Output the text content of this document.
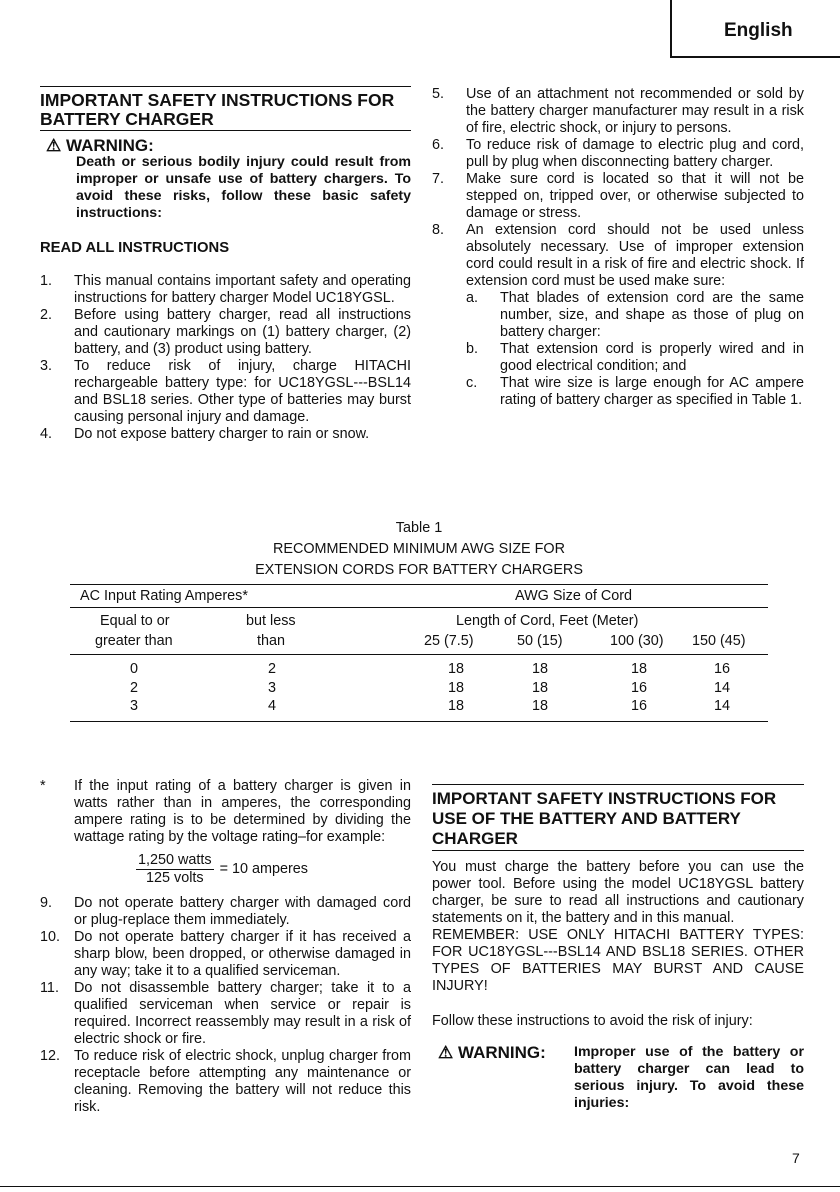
English
IMPORTANT SAFETY INSTRUCTIONS FOR BATTERY CHARGER
⚠ WARNING:
Death or serious bodily injury could result from improper or unsafe use of battery chargers. To avoid these risks, follow these basic safety instructions:
READ ALL INSTRUCTIONS
1.	This manual contains important safety and operating instructions for battery charger Model UC18YGSL.
2.	Before using battery charger, read all instructions and cautionary markings on (1) battery charger, (2) battery, and (3) product using battery.
3.	To reduce risk of injury, charge HITACHI rechargeable battery type: for UC18YGSL---BSL14 and BSL18 series. Other type of batteries may burst causing personal injury and damage.
4.	Do not expose battery charger to rain or snow.
5.	Use of an attachment not recommended or sold by the battery charger manufacturer may result in a risk of fire, electric shock, or injury to persons.
6.	To reduce risk of damage to electric plug and cord, pull by plug when disconnecting battery charger.
7.	Make sure cord is located so that it will not be stepped on, tripped over, or otherwise subjected to damage or stress.
8.	An extension cord should not be used unless absolutely necessary. Use of improper extension cord could result in a risk of fire and electric shock. If extension cord must be used make sure:
a.	That blades of extension cord are the same number, size, and shape as those of plug on battery charger:
b.	That extension cord is properly wired and in good electrical condition; and
c.	That wire size is large enough for AC ampere rating of battery charger as specified in Table 1.
Table 1
RECOMMENDED MINIMUM AWG SIZE FOR
EXTENSION CORDS FOR BATTERY CHARGERS
AC Input Rating Amperes*	AWG Size of Cord
Equal to or
greater than
but less
than
Length of Cord, Feet (Meter)
25 (7.5)	50 (15)	100 (30) 150 (45)
0	2	18	18	18	16
2	3	18	18	16	14
3	4	18	18	16	14
*	If the input rating of a battery charger is given in watts rather than in amperes, the corresponding ampere rating is to be determined by dividing the wattage rating by the voltage rating–for example:
$\frac{\text{1,250 watts}}{\text{125 volts}} = 10$ amperes
9.	Do not operate battery charger with damaged cord or plug-replace them immediately.
10. Do not operate battery charger if it has received a sharp blow, been dropped, or otherwise damaged in any way; take it to a qualified serviceman.
11.	Do not disassemble battery charger; take it to a qualified serviceman when service or repair is required. Incorrect reassembly may result in a risk of electric shock or fire.
12. To reduce risk of electric shock, unplug charger from receptacle before attempting any maintenance or cleaning. Removing the battery will not reduce this risk.
IMPORTANT SAFETY INSTRUCTIONS FOR USE OF THE BATTERY AND BATTERY CHARGER
You must charge the battery before you can use the power tool. Before using the model UC18YGSL battery charger, be sure to read all instructions and cautionary statements on it, the battery and in this manual.
REMEMBER: USE ONLY HITACHI BATTERY TYPES: FOR UC18YGSL---BSL14 AND BSL18 SERIES. OTHER TYPES OF BATTERIES MAY BURST AND CAUSE INJURY!
Follow these instructions to avoid the risk of injury:
⚠ WARNING:	Improper use of the battery or battery charger can lead to serious injury. To avoid these injuries:
7
